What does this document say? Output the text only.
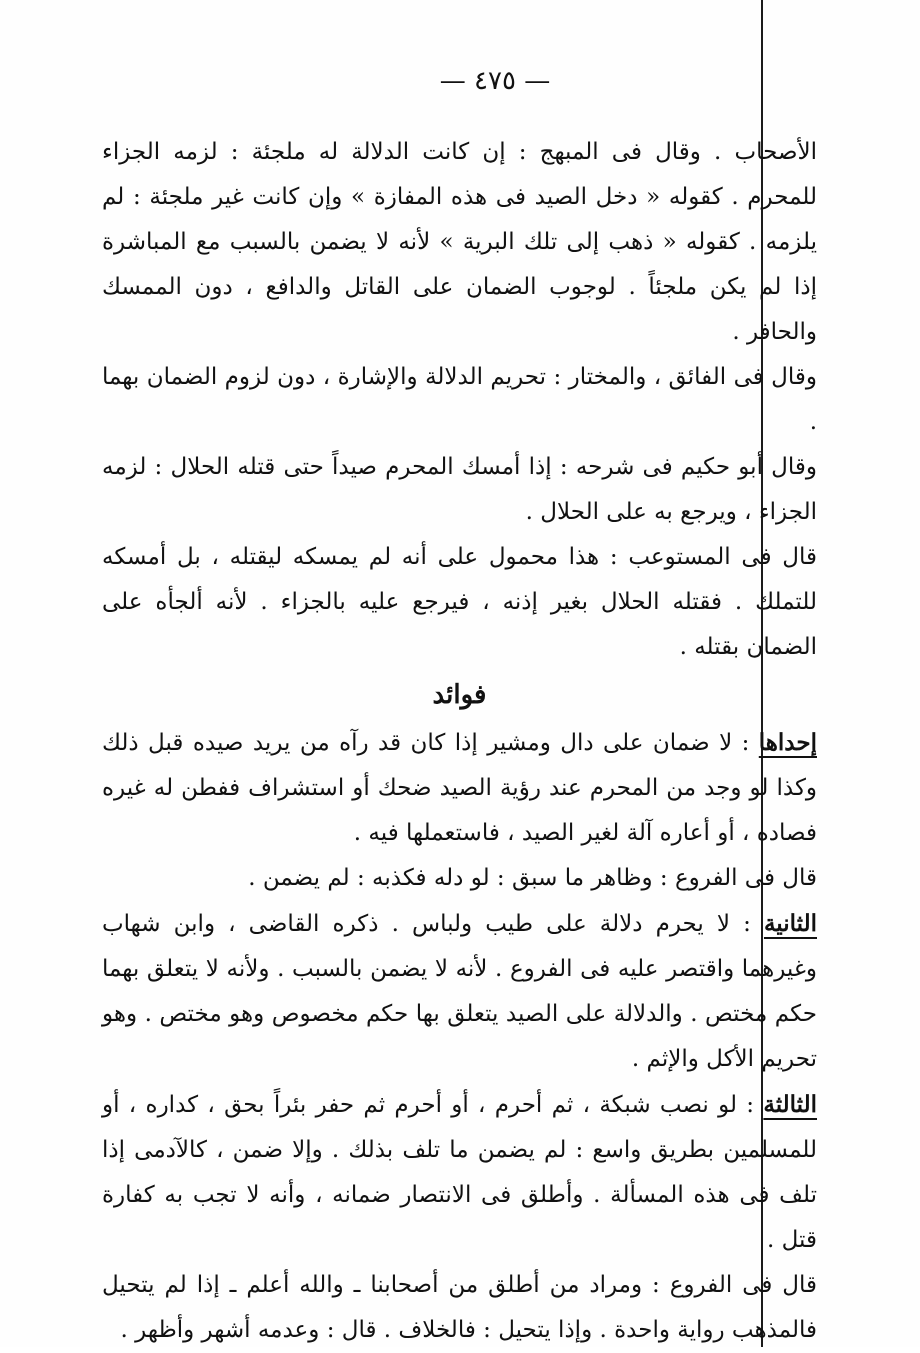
— ٤٧٥ —

الأصحاب . وقال فى المبهج : إن كانت الدلالة له ملجئة : لزمه الجزاء للمحرم . كقوله « دخل الصيد فى هذه المفازة » وإن كانت غير ملجئة : لم يلزمه . كقوله « ذهب إلى تلك البرية » لأنه لا يضمن بالسبب مع المباشرة إذا لم يكن ملجئاً . لوجوب الضمان على القاتل والدافع ، دون الممسك والحافر .

وقال فى الفائق ، والمختار : تحريم الدلالة والإشارة ، دون لزوم الضمان بهما .

وقال أبو حكيم فى شرحه : إذا أمسك المحرم صيداً حتى قتله الحلال : لزمه الجزاء ، ويرجع به على الحلال .

قال فى المستوعب : هذا محمول على أنه لم يمسكه ليقتله ، بل أمسكه للتملك . فقتله الحلال بغير إذنه ، فيرجع عليه بالجزاء . لأنه ألجأه على الضمان بقتله .

فوائد

إحداها : لا ضمان على دال ومشير إذا كان قد رآه من يريد صيده قبل ذلك وكذا لو وجد من المحرم عند رؤية الصيد ضحك أو استشراف ففطن له غيره فصاده ، أو أعاره آلة لغير الصيد ، فاستعملها فيه .

قال فى الفروع : وظاهر ما سبق : لو دله فكذبه : لم يضمن .

الثانية : لا يحرم دلالة على طيب ولباس . ذكره القاضى ، وابن شهاب وغيرهما واقتصر عليه فى الفروع . لأنه لا يضمن بالسبب . ولأنه لا يتعلق بهما حكم مختص . والدلالة على الصيد يتعلق بها حكم مخصوص وهو مختص . وهو تحريم الأكل والإثم .

الثالثة : لو نصب شبكة ، ثم أحرم ، أو أحرم ثم حفر بئراً بحق ، كداره ، أو للمسلمين بطريق واسع : لم يضمن ما تلف بذلك . وإلا ضمن ، كالآدمى إذا تلف فى هذه المسألة . وأطلق فى الانتصار ضمانه ، وأنه لا تجب به كفارة قتل .

قال فى الفروع : ومراد من أطلق من أصحابنا ـ والله أعلم ـ إذا لم يتحيل فالمذهب رواية واحدة . وإذا يتحيل : فالخلاف . قال : وعدمه أشهر وأظهر .
